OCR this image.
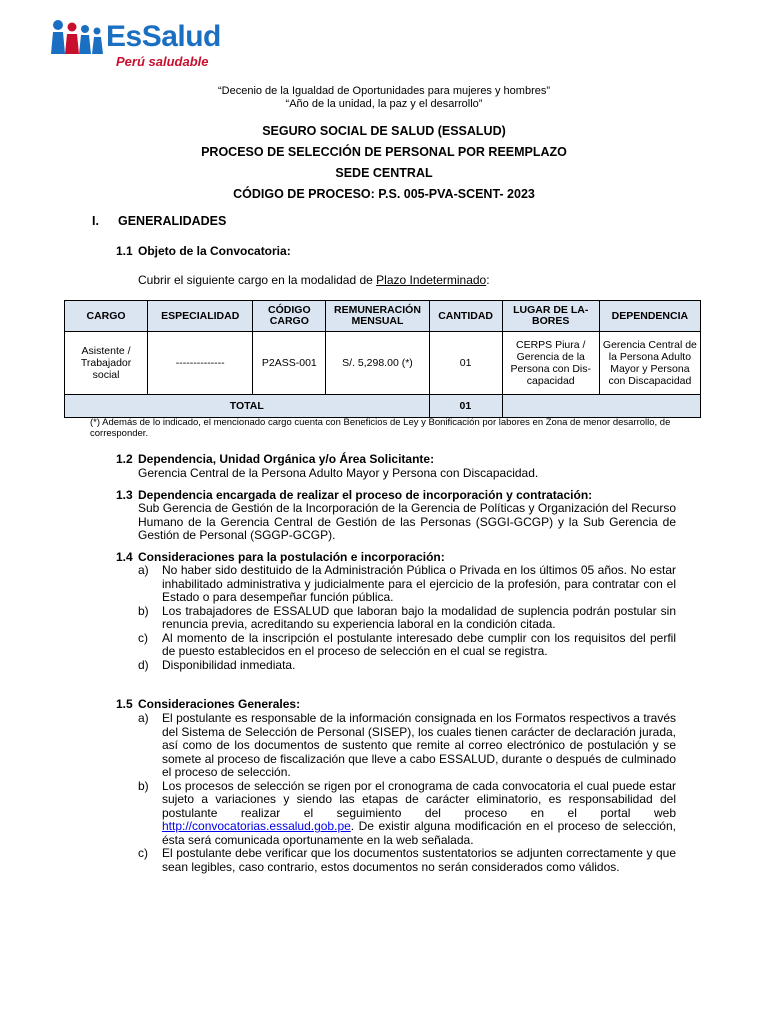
EsSalud
Perú saludable
“Decenio de la Igualdad de Oportunidades para mujeres y hombres”
“Año de la unidad, la paz y el desarrollo”
SEGURO SOCIAL DE SALUD (ESSALUD)
PROCESO DE SELECCIÓN DE PERSONAL POR REEMPLAZO
SEDE CENTRAL
CÓDIGO DE PROCESO: P.S. 005-PVA-SCENT- 2023
I. GENERALIDADES
1.1 Objeto de la Convocatoria:
Cubrir el siguiente cargo en la modalidad de Plazo Indeterminado:
CARGO	ESPECIALIDAD	CÓDIGO CARGO	REMUNERACIÓN MENSUAL	CANTIDAD	LUGAR DE LA-BORES	DEPENDENCIA
Asistente / Trabajador social	--------------	P2ASS-001	S/. 5,298.00 (*)	01	CERPS Piura / Gerencia de la Persona con Dis-capacidad	Gerencia Central de la Persona Adulto Mayor y Persona con Discapacidad
TOTAL				01		
(*) Además de lo indicado, el mencionado cargo cuenta con Beneficios de Ley y Bonificación por labores en Zona de menor desarrollo, de corresponder.
1.2 Dependencia, Unidad Orgánica y/o Área Solicitante:
Gerencia Central de la Persona Adulto Mayor y Persona con Discapacidad.
1.3 Dependencia encargada de realizar el proceso de incorporación y contratación:
Sub Gerencia de Gestión de la Incorporación de la Gerencia de Políticas y Organización del Recurso Humano de la Gerencia Central de Gestión de las Personas (SGGI-GCGP) y la Sub Gerencia de Gestión de Personal (SGGP-GCGP).
1.4 Consideraciones para la postulación e incorporación:
a)	No haber sido destituido de la Administración Pública o Privada en los últimos 05 años. No estar inhabilitado administrativa y judicialmente para el ejercicio de la profesión, para contratar con el Estado o para desempeñar función pública.
b)	Los trabajadores de ESSALUD que laboran bajo la modalidad de suplencia podrán postular sin renuncia previa, acreditando su experiencia laboral en la condición citada.
c)	Al momento de la inscripción el postulante interesado debe cumplir con los requisitos del perfil de puesto establecidos en el proceso de selección en el cual se registra.
d)	Disponibilidad inmediata.
1.5 Consideraciones Generales:
a)	El postulante es responsable de la información consignada en los Formatos respectivos a través del Sistema de Selección de Personal (SISEP), los cuales tienen carácter de declaración jurada, así como de los documentos de sustento que remite al correo electrónico de postulación y se somete al proceso de fiscalización que lleve a cabo ESSALUD, durante o después de culminado el proceso de selección.
b)	Los procesos de selección se rigen por el cronograma de cada convocatoria el cual puede estar sujeto a variaciones y siendo las etapas de carácter eliminatorio, es responsabilidad del postulante realizar el seguimiento del proceso en el portal web http://convocatorias.essalud.gob.pe. De existir alguna modificación en el proceso de selección, ésta será comunicada oportunamente en la web señalada.
c)	El postulante debe verificar que los documentos sustentatorios se adjunten correctamente y que sean legibles, caso contrario, estos documentos no serán considerados como válidos.
